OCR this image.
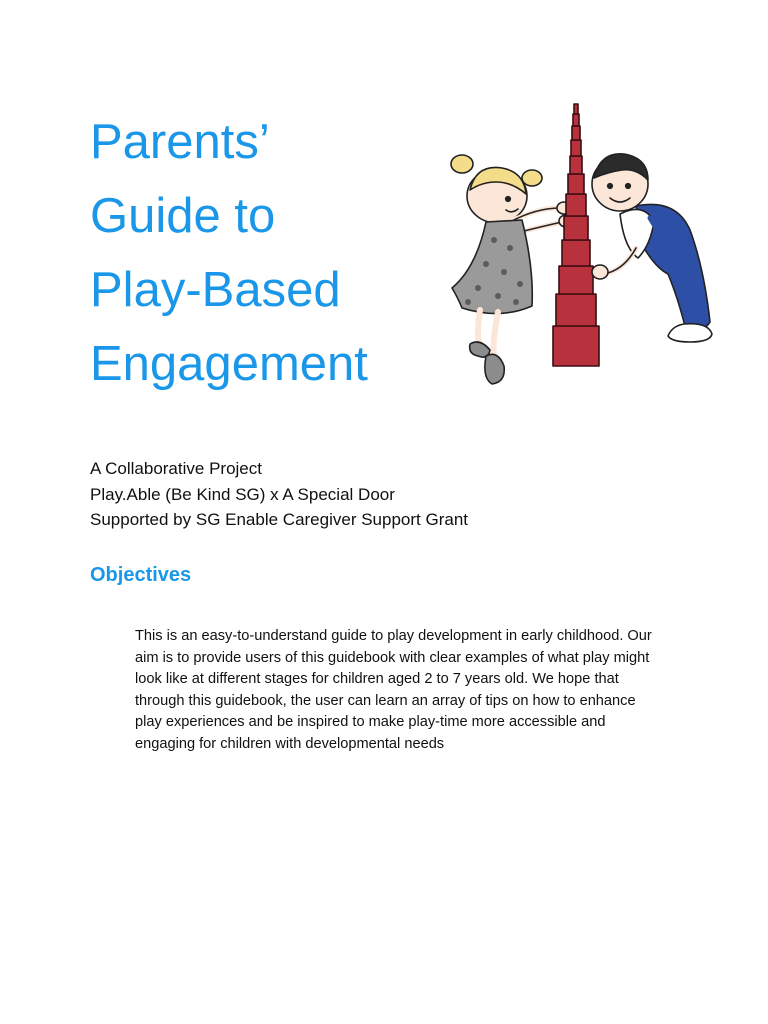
Parents’
Guide to
Play-Based
Engagement
A Collaborative Project
Play.Able (Be Kind SG) x A Special Door
Supported by SG Enable Caregiver Support Grant
Objectives

This is an easy-to-understand guide to play development in early childhood. Our
aim is to provide users of this guidebook with clear examples of what play might
look like at different stages for children aged 2 to 7 years old. We hope that
through this guidebook, the user can learn an array of tips on how to enhance
play experiences and be inspired to make play-time more accessible and
engaging for children with developmental needs
